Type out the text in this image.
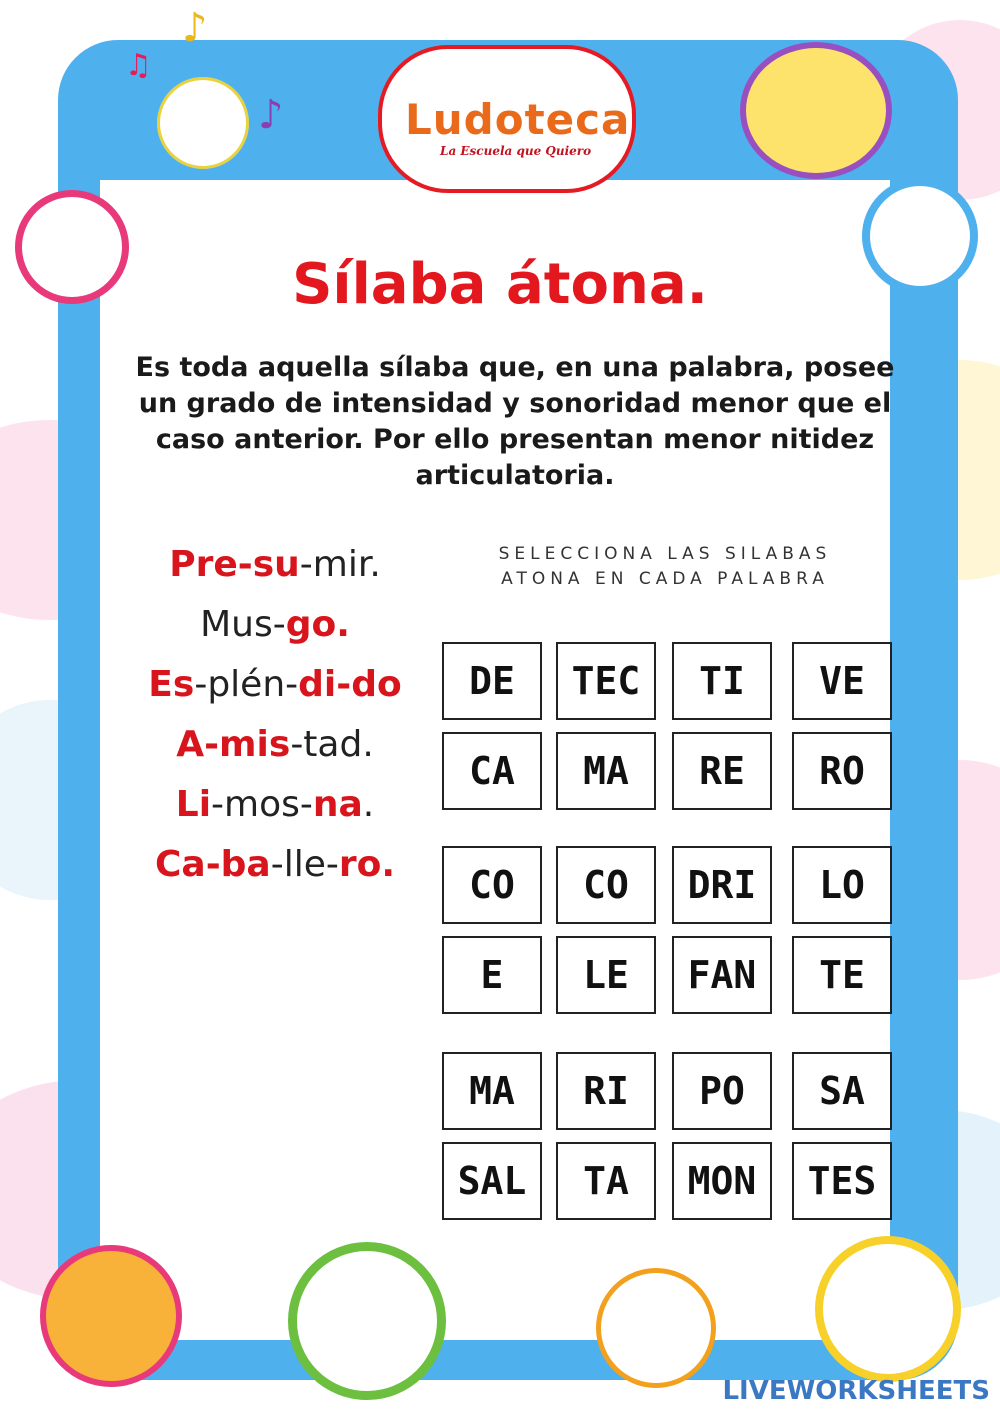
♪
♫
♪	Ludoteca
La Escuela que Quiero
Sílaba átona.
Es toda aquella sílaba que, en una palabra, posee un grado de intensidad y sonoridad menor que el caso anterior. Por ello presentan menor nitidez articulatoria.
Pre-su-mir.
Mus-go.
Es-plén-di-do
A-mis-tad.
Li-mos-na.
Ca-ba-lle-ro.
SELECCIONA LAS SILABAS
ATONA EN CADA PALABRA
DE	TEC	TI	VE
CA	MA	RE	RO
CO	CO	DRI	LO
E	LE	FAN	TE
MA	RI	PO	SA
SAL	TA	MON	TES
LIVEWORKSHEETS
